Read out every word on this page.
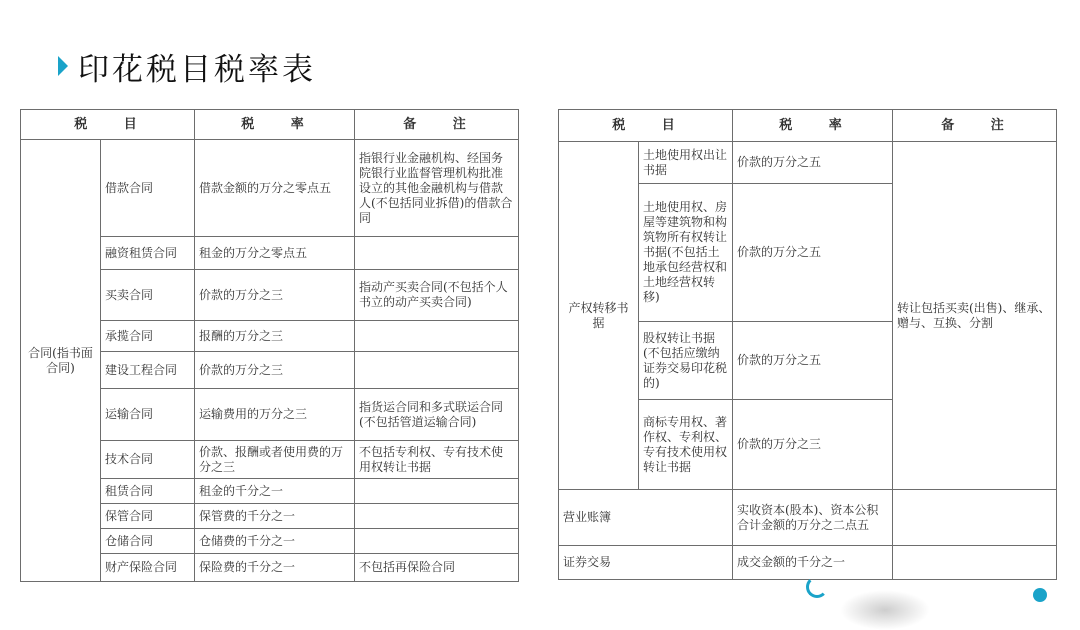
印花税目税率表
税 目		税 率	备 注
合同(指书面合同)	借款合同	借款金额的万分之零点五	指银行业金融机构、经国务院银行业监督管理机构批准设立的其他金融机构与借款人(不包括同业拆借)的借款合同
	融资租赁合同	租金的万分之零点五	
	买卖合同	价款的万分之三	指动产买卖合同(不包括个人书立的动产买卖合同)
	承揽合同	报酬的万分之三	
	建设工程合同	价款的万分之三	
	运输合同	运输费用的万分之三	指货运合同和多式联运合同(不包括管道运输合同)
	技术合同	价款、报酬或者使用费的万分之三	不包括专利权、专有技术使用权转让书据
	租赁合同	租金的千分之一	
	保管合同	保管费的千分之一	
	仓储合同	仓储费的千分之一	
	财产保险合同	保险费的千分之一	不包括再保险合同
税 目		税 率	备 注
产权转移书据	土地使用权出让书据	价款的万分之五	转让包括买卖(出售)、继承、赠与、互换、分割
	土地使用权、房屋等建筑物和构筑物所有权转让书据(不包括土地承包经营权和土地经营权转移)	价款的万分之五	
	股权转让书据(不包括应缴纳证券交易印花税的)	价款的万分之五	
	商标专用权、著作权、专利权、专有技术使用权转让书据	价款的万分之三	
营业账簿		实收资本(股本)、资本公积合计金额的万分之二点五	
证券交易		成交金额的千分之一	
